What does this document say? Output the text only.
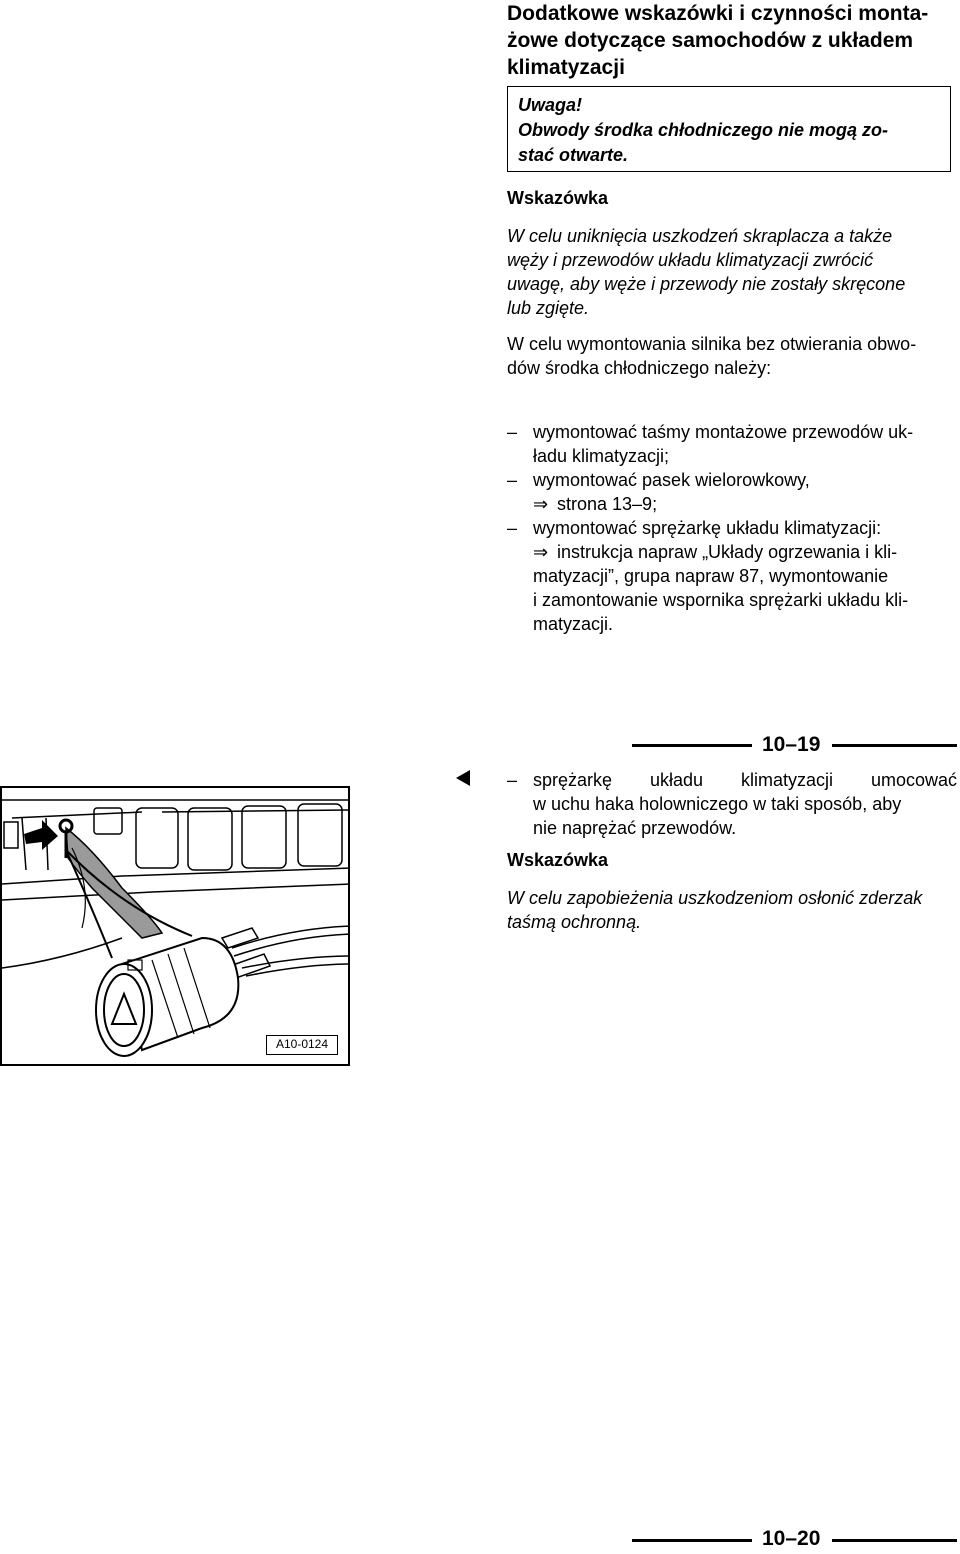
Dodatkowe wskazówki i czynności monta-
żowe dotyczące samochodów z układem
klimatyzacji
Uwaga!
Obwody środka chłodniczego nie mogą zo-
stać otwarte.
Wskazówka
W celu uniknięcia uszkodzeń skraplacza a także
węży i przewodów układu klimatyzacji zwrócić
uwagę, aby węże i przewody nie zostały skręcone
lub zgięte.
W celu wymontowania silnika bez otwierania obwo-
dów środka chłodniczego należy:
– wymontować taśmy montażowe przewodów uk-
ładu klimatyzacji;
– wymontować pasek wielorowkowy,
⇒ strona 13–9;
– wymontować sprężarkę układu klimatyzacji:
⇒ instrukcja napraw „Układy ogrzewania i kli-
matyzacji”, grupa napraw 87, wymontowanie
i zamontowanie wspornika sprężarki układu kli-
matyzacji.
10–19
– sprężarkę układu klimatyzacji umocować
w uchu haka holowniczego w taki sposób, aby
nie naprężać przewodów.
Wskazówka
W celu zapobieżenia uszkodzeniom osłonić zderzak
taśmą ochronną.
A10-0124
10–20
